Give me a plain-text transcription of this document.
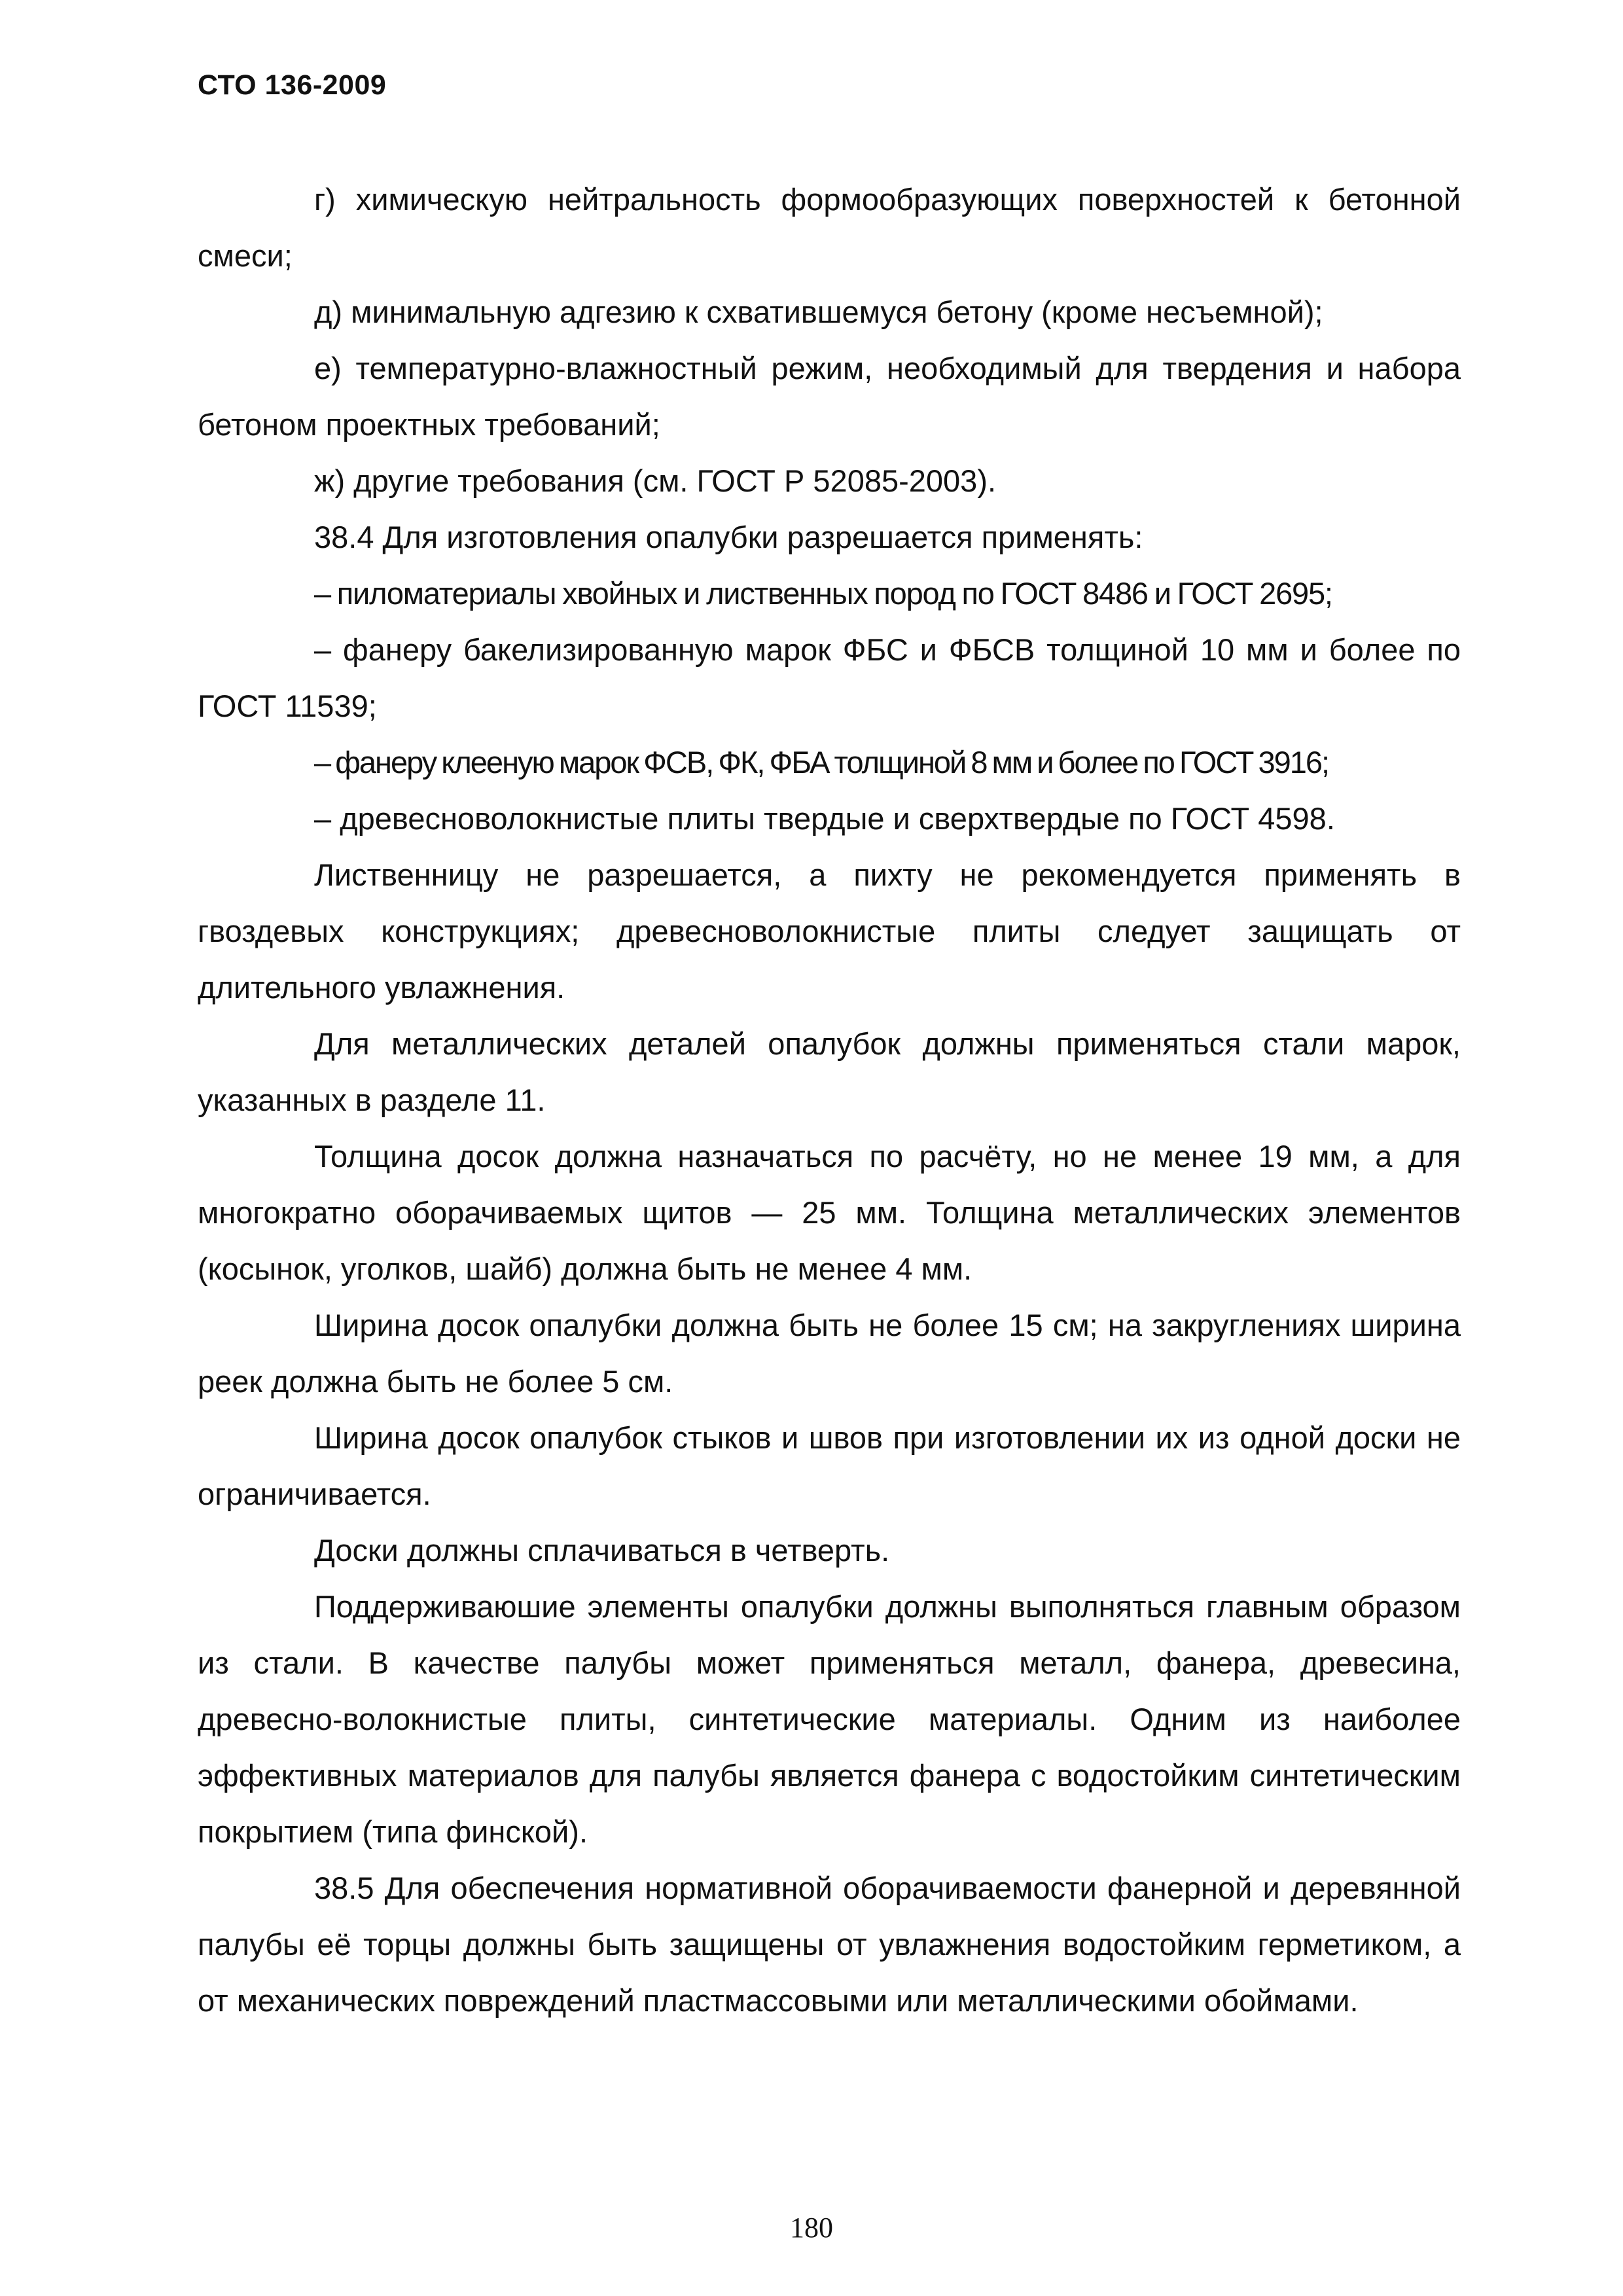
СТО 136-2009

г) химическую нейтральность формообразующих поверхностей к бетонной смеси;

д) минимальную адгезию к схватившемуся бетону (кроме несъемной);

е) температурно-влажностный режим, необходимый для твердения и набора бетоном проектных требований;

ж) другие требования (см. ГОСТ Р 52085-2003).

38.4 Для изготовления опалубки разрешается применять:

– пиломатериалы хвойных и лиственных пород по ГОСТ 8486 и ГОСТ 2695;

– фанеру бакелизированную марок ФБС и ФБСВ толщиной 10 мм и более по ГОСТ 11539;

– фанеру клееную марок ФСВ, ФК, ФБА толщиной 8 мм и более по ГОСТ 3916;

– древесноволокнистые плиты твердые и сверхтвердые по ГОСТ 4598.

Лиственницу не разрешается, а пихту не рекомендуется применять в гвоздевых конструкциях; древесноволокнистые плиты следует защищать от длительного увлажнения.

Для металлических деталей опалубок должны применяться стали марок, указанных в разделе 11.

Толщина досок должна назначаться по расчёту, но не менее 19 мм, а для многократно оборачиваемых щитов — 25 мм. Толщина металлических элементов (косынок, уголков, шайб) должна быть не менее 4 мм.

Ширина досок опалубки должна быть не более 15 см; на закруглениях ширина реек должна быть не более 5 см.

Ширина досок опалубок стыков и швов при изготовлении их из одной доски не ограничивается.

Доски должны сплачиваться в четверть.

Поддерживаюшие элементы опалубки должны выполняться главным образом из стали. В качестве палубы может применяться металл, фанера, древесина, древесно-волокнистые плиты, синтетические материалы. Одним из наиболее эффективных материалов для палубы является фанера с водостойким синтетическим покрытием (типа финской).

38.5 Для обеспечения нормативной оборачиваемости фанерной и деревянной палубы её торцы должны быть защищены от увлажнения водостойким герметиком, а от механических повреждений пластмассовыми или металлическими обоймами.

180
